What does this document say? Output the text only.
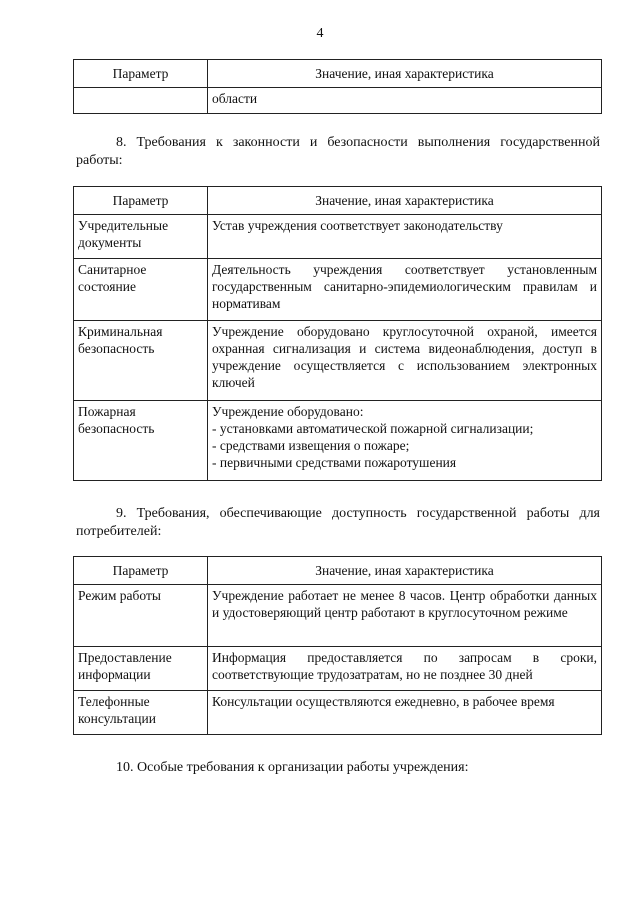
4
Параметр	Значение, иная характеристика
	области
8. Требования к законности и безопасности выполнения государственной работы:
Параметр	Значение, иная характеристика
Учредительные документы	Устав учреждения соответствует законодательству

Санитарное состояние	Деятельность учреждения соответствует установленным государственным санитарно-эпидемиологическим правилам и нормативам

Криминальная безопасность	Учреждение оборудовано круглосуточной охраной, имеется охранная сигнализация и система видеонаблюдения, доступ в учреждение осуществляется с использованием электронных ключей

Пожарная безопасность	Учреждение оборудовано:
- установками автоматической пожарной сигнализации;
- средствами извещения о пожаре;
- первичными средствами пожаротушения
9. Требования, обеспечивающие доступность государственной работы для потребителей:
Параметр	Значение, иная характеристика
Режим работы	Учреждение работает не менее 8 часов. Центр обработки данных и удостоверяющий центр работают в круглосуточном режиме

Предоставление информации	Информация предоставляется по запросам в сроки, соответствующие трудозатратам, но не позднее 30 дней

Телефонные консультации	Консультации осуществляются ежедневно, в рабочее время
10. Особые требования к организации работы учреждения:
